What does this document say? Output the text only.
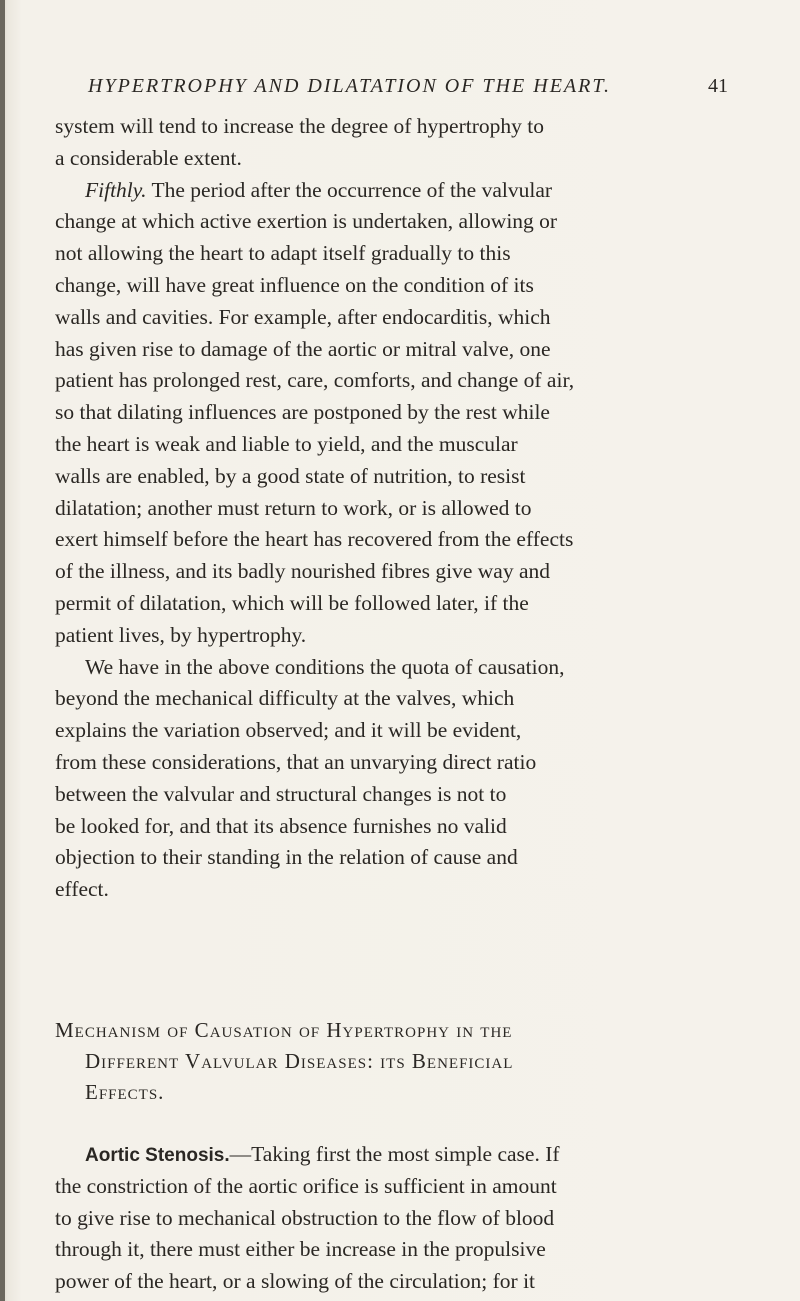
HYPERTROPHY AND DILATATION OF THE HEART.	41
system will tend to increase the degree of hypertrophy to
a considerable extent.
Fifthly. The period after the occurrence of the valvular
change at which active exertion is undertaken, allowing or
not allowing the heart to adapt itself gradually to this
change, will have great influence on the condition of its
walls and cavities. For example, after endocarditis, which
has given rise to damage of the aortic or mitral valve, one
patient has prolonged rest, care, comforts, and change of air,
so that dilating influences are postponed by the rest while
the heart is weak and liable to yield, and the muscular
walls are enabled, by a good state of nutrition, to resist
dilatation; another must return to work, or is allowed to
exert himself before the heart has recovered from the effects
of the illness, and its badly nourished fibres give way and
permit of dilatation, which will be followed later, if the
patient lives, by hypertrophy.
We have in the above conditions the quota of causation,
beyond the mechanical difficulty at the valves, which
explains the variation observed; and it will be evident,
from these considerations, that an unvarying direct ratio
between the valvular and structural changes is not to
be looked for, and that its absence furnishes no valid
objection to their standing in the relation of cause and
effect.
Mechanism of Causation of Hypertrophy in the
Different Valvular Diseases: its Beneficial
Effects.
Aortic Stenosis.—Taking first the most simple case. If
the constriction of the aortic orifice is sufficient in amount
to give rise to mechanical obstruction to the flow of blood
through it, there must either be increase in the propulsive
power of the heart, or a slowing of the circulation; for it
